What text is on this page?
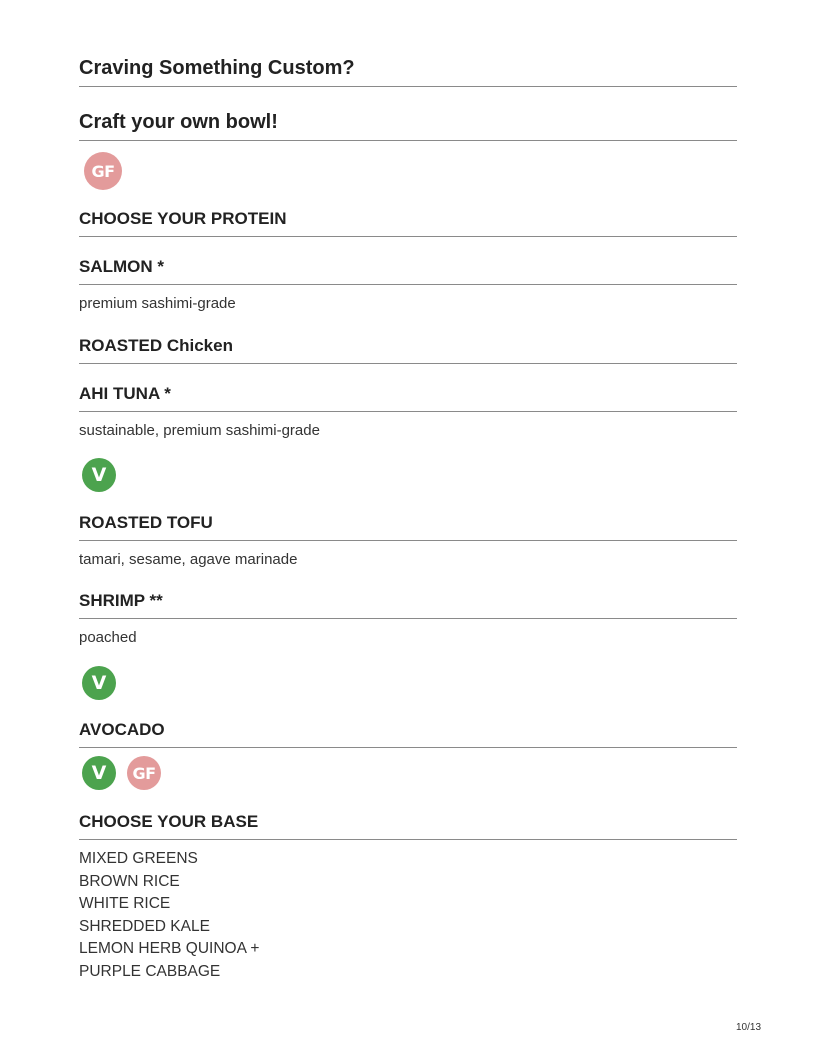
Craving Something Custom?
Craft your own bowl!
GF
CHOOSE YOUR PROTEIN
SALMON *
premium sashimi-grade
ROASTED Chicken
AHI TUNA *
sustainable, premium sashimi-grade
V
ROASTED TOFU
tamari, sesame, agave marinade
SHRIMP **
poached
V
AVOCADO
V	GF
CHOOSE YOUR BASE
MIXED GREENS
BROWN RICE
WHITE RICE
SHREDDED KALE
LEMON HERB QUINOA +
PURPLE CABBAGE
10/13
